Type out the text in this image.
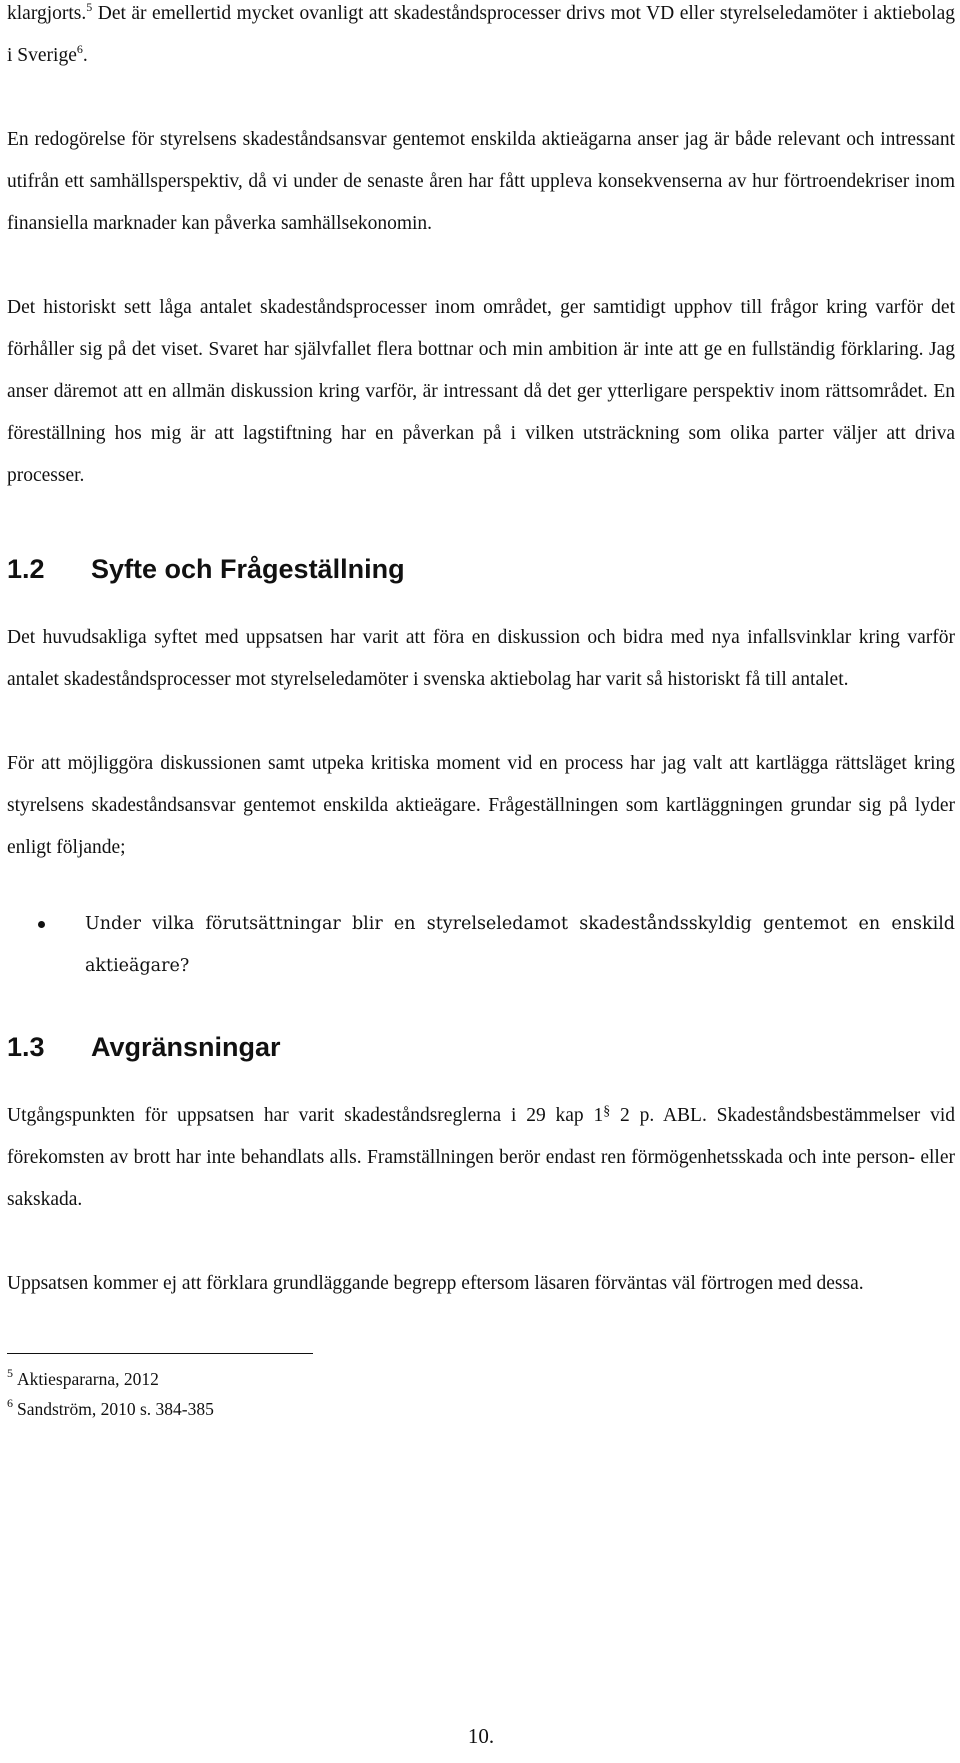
klargjorts.$^5$ Det är emellertid mycket ovanligt att skadeståndsprocesser drivs mot VD eller styrelseledamöter i aktiebolag i Sverige$^6$.

En redogörelse för styrelsens skadeståndsansvar gentemot enskilda aktieägarna anser jag är både relevant och intressant utifrån ett samhällsperspektiv, då vi under de senaste åren har fått uppleva konsekvenserna av hur förtroendekriser inom finansiella marknader kan påverka samhällsekonomin.

Det historiskt sett låga antalet skadeståndsprocesser inom området, ger samtidigt upphov till frågor kring varför det förhåller sig på det viset. Svaret har självfallet flera bottnar och min ambition är inte att ge en fullständig förklaring. Jag anser däremot att en allmän diskussion kring varför, är intressant då det ger ytterligare perspektiv inom rättsområdet. En föreställning hos mig är att lagstiftning har en påverkan på i vilken utsträckning som olika parter väljer att driva processer.

1.2	Syfte och Frågeställning

Det huvudsakliga syftet med uppsatsen har varit att föra en diskussion och bidra med nya infallsvinklar kring varför antalet skadeståndsprocesser mot styrelseledamöter i svenska aktiebolag har varit så historiskt få till antalet.

För att möjliggöra diskussionen samt utpeka kritiska moment vid en process har jag valt att kartlägga rättsläget kring styrelsens skadeståndsansvar gentemot enskilda aktieägare. Frågeställningen som kartläggningen grundar sig på lyder enligt följande;

Under vilka förutsättningar blir en styrelseledamot skadeståndsskyldig gentemot en enskild aktieägare?
1.3	Avgränsningar

Utgångspunkten för uppsatsen har varit skadeståndsreglerna i 29 kap 1§ 2 p. ABL. Skadeståndsbestämmelser vid förekomsten av brott har inte behandlats alls. Framställningen berör endast ren förmögenhetsskada och inte person- eller sakskada.

Uppsatsen kommer ej att förklara grundläggande begrepp eftersom läsaren förväntas väl förtrogen med dessa.

$^5$ Aktiespararna, 2012

$^6$ Sandström, 2010 s. 384-385

10.
